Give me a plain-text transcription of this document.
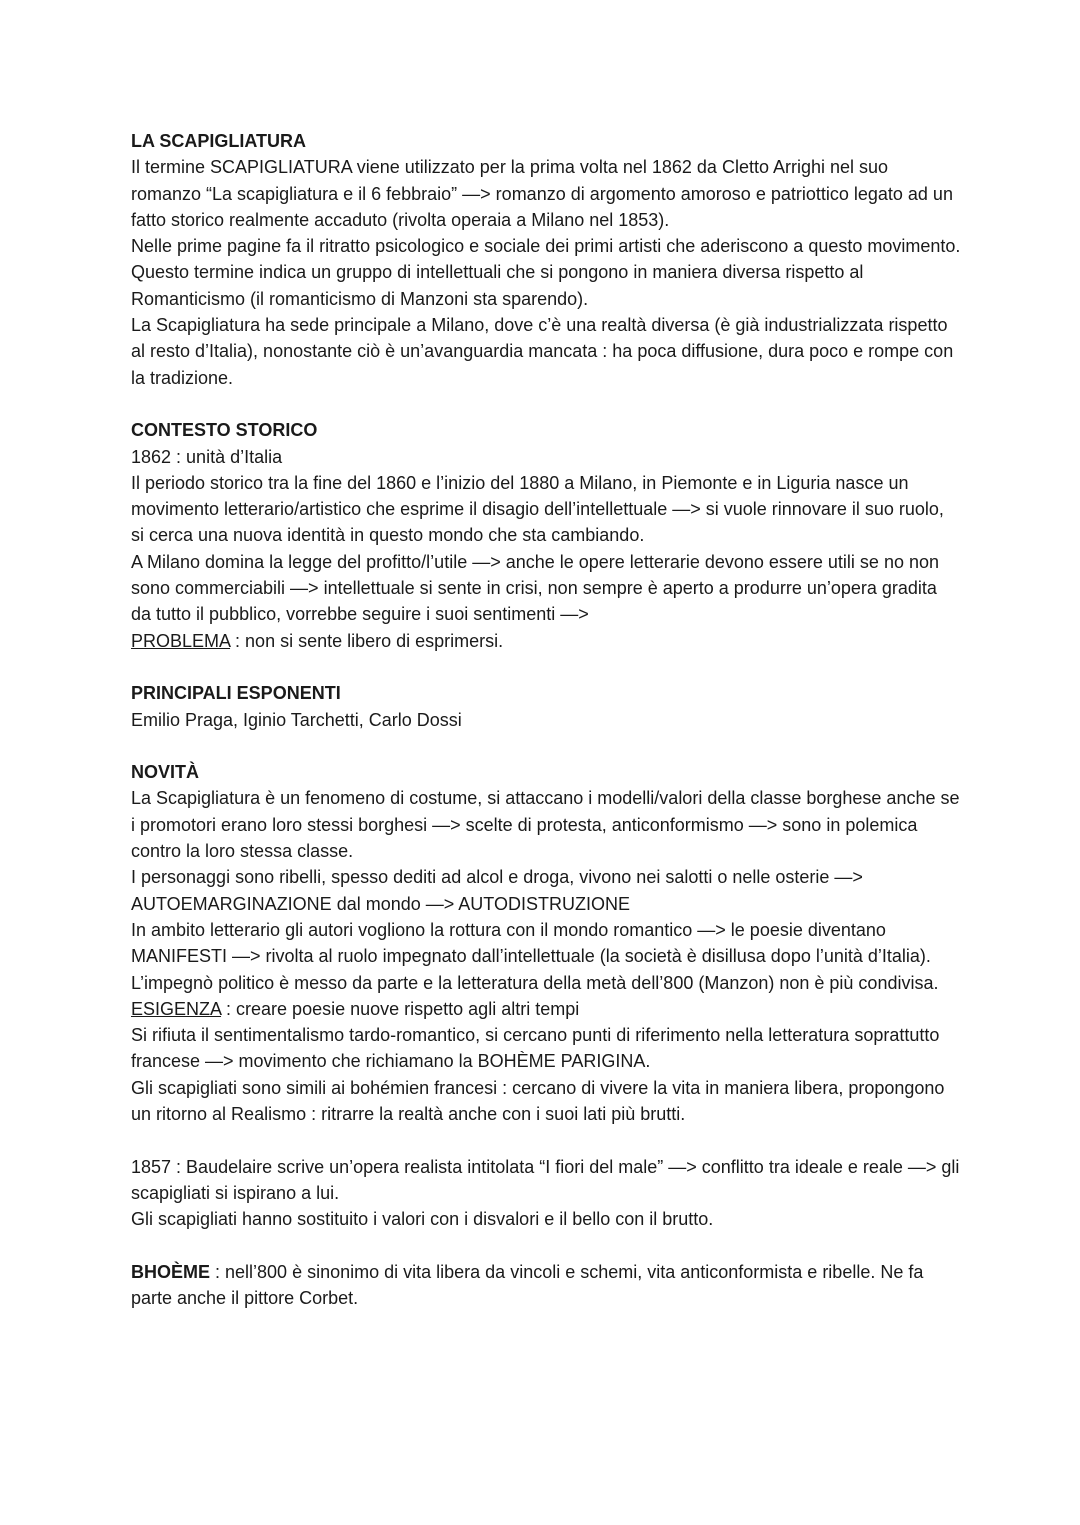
LA SCAPIGLIATURA
Il termine SCAPIGLIATURA viene utilizzato per la prima volta nel 1862 da Cletto Arrighi nel suo romanzo “La scapigliatura e il 6 febbraio” —> romanzo di argomento amoroso e patriottico legato ad un fatto storico realmente accaduto (rivolta operaia a Milano nel 1853).
Nelle prime pagine fa il ritratto psicologico e sociale dei primi artisti che aderiscono a questo movimento.
Questo termine indica un gruppo di intellettuali che si pongono in maniera diversa rispetto al Romanticismo (il romanticismo di Manzoni sta sparendo).
La Scapigliatura ha sede principale a Milano, dove c’è una realtà diversa (è già industrializzata rispetto al resto d’Italia), nonostante ciò è un’avanguardia mancata : ha poca diffusione, dura poco e rompe con la tradizione.
CONTESTO STORICO
1862 : unità d’Italia
Il periodo storico tra la fine del 1860 e l’inizio del 1880 a Milano, in Piemonte e in Liguria nasce un movimento letterario/artistico che esprime il disagio dell’intellettuale —> si vuole rinnovare il suo ruolo, si cerca una nuova identità in questo mondo che sta cambiando.
A Milano domina la legge del profitto/l’utile —> anche le opere letterarie devono essere utili se no non sono commerciabili —> intellettuale si sente in crisi, non sempre è aperto a produrre un’opera gradita da tutto il pubblico, vorrebbe seguire i suoi sentimenti —>
PROBLEMA : non si sente libero di esprimersi.
PRINCIPALI ESPONENTI
Emilio Praga, Iginio Tarchetti, Carlo Dossi
NOVITÀ
La Scapigliatura è un fenomeno di costume, si attaccano i modelli/valori della classe borghese anche se i promotori erano loro stessi borghesi —> scelte di protesta, anticonformismo —> sono in polemica contro la loro stessa classe.
I personaggi sono ribelli, spesso dediti ad alcol e droga, vivono nei salotti o nelle osterie —> AUTOEMARGINAZIONE dal mondo —> AUTODISTRUZIONE
In ambito letterario gli autori vogliono la rottura con il mondo romantico —> le poesie diventano MANIFESTI —> rivolta al ruolo impegnato dall’intellettuale (la società è disillusa dopo l’unità d’Italia).
L’impegnò politico è messo da parte e la letteratura della metà dell’800 (Manzon) non è più condivisa.
ESIGENZA : creare poesie nuove rispetto agli altri tempi
Si rifiuta il sentimentalismo tardo-romantico, si cercano punti di riferimento nella letteratura soprattutto francese —> movimento che richiamano la BOHÈME PARIGINA.
Gli scapigliati sono simili ai bohémien francesi : cercano di vivere la vita in maniera libera, propongono un ritorno al Realismo : ritrarre la realtà anche con i suoi lati più brutti.
1857 : Baudelaire scrive un’opera realista intitolata “I fiori del male” —> conflitto tra ideale e reale —> gli scapigliati si ispirano a lui.
Gli scapigliati hanno sostituito i valori con i disvalori e il bello con il brutto.
BHOÈME : nell’800 è sinonimo di vita libera da vincoli e schemi, vita anticonformista e ribelle. Ne fa parte anche il pittore Corbet.
